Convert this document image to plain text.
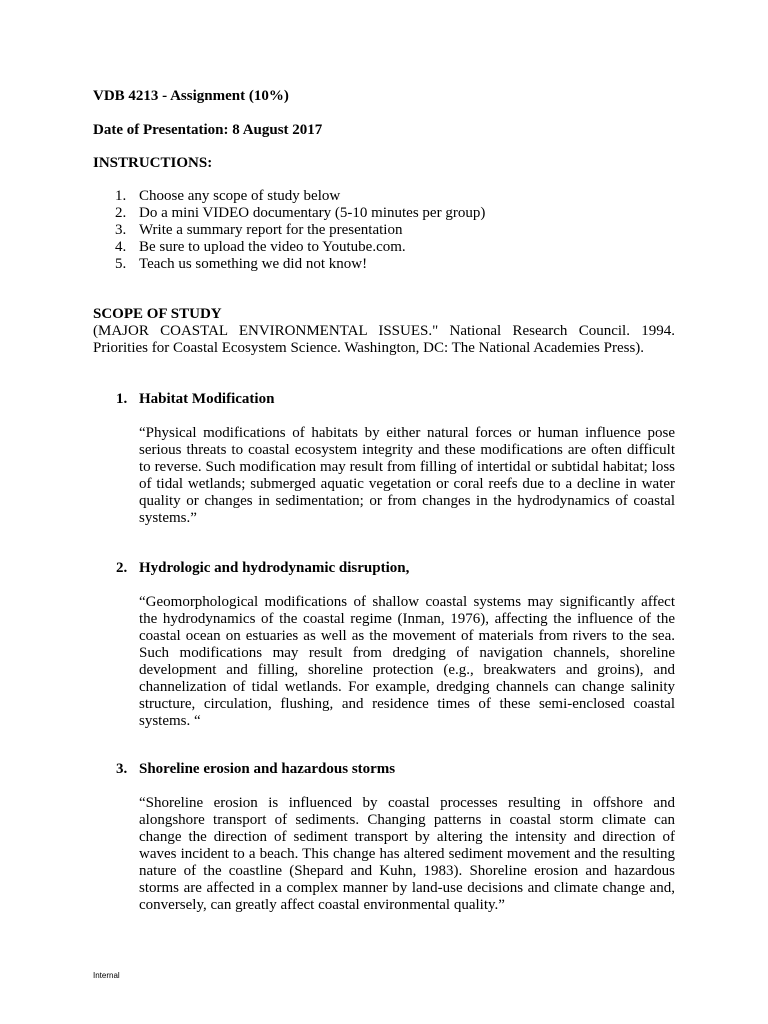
VDB 4213 - Assignment (10%)
Date of Presentation: 8 August 2017
INSTRUCTIONS:
1. Choose any scope of study below
2. Do a mini VIDEO documentary (5-10 minutes per group)
3. Write a summary report for the presentation
4. Be sure to upload the video to Youtube.com.
5. Teach us something we did not know!
SCOPE OF STUDY
(MAJOR COASTAL ENVIRONMENTAL ISSUES." National Research Council. 1994. Priorities for Coastal Ecosystem Science. Washington, DC: The National Academies Press).
1. Habitat Modification
“Physical modifications of habitats by either natural forces or human influence pose serious threats to coastal ecosystem integrity and these modifications are often difficult to reverse. Such modification may result from filling of intertidal or subtidal habitat; loss of tidal wetlands; submerged aquatic vegetation or coral reefs due to a decline in water quality or changes in sedimentation; or from changes in the hydrodynamics of coastal systems.”
2. Hydrologic and hydrodynamic disruption,
“Geomorphological modifications of shallow coastal systems may significantly affect the hydrodynamics of the coastal regime (Inman, 1976), affecting the influence of the coastal ocean on estuaries as well as the movement of materials from rivers to the sea. Such modifications may result from dredging of navigation channels, shoreline development and filling, shoreline protection (e.g., breakwaters and groins), and channelization of tidal wetlands. For example, dredging channels can change salinity structure, circulation, flushing, and residence times of these semi-enclosed coastal systems. “
3. Shoreline erosion and hazardous storms
“Shoreline erosion is influenced by coastal processes resulting in offshore and alongshore transport of sediments. Changing patterns in coastal storm climate can change the direction of sediment transport by altering the intensity and direction of waves incident to a beach. This change has altered sediment movement and the resulting nature of the coastline (Shepard and Kuhn, 1983). Shoreline erosion and hazardous storms are affected in a complex manner by land-use decisions and climate change and, conversely, can greatly affect coastal environmental quality.”
Internal
